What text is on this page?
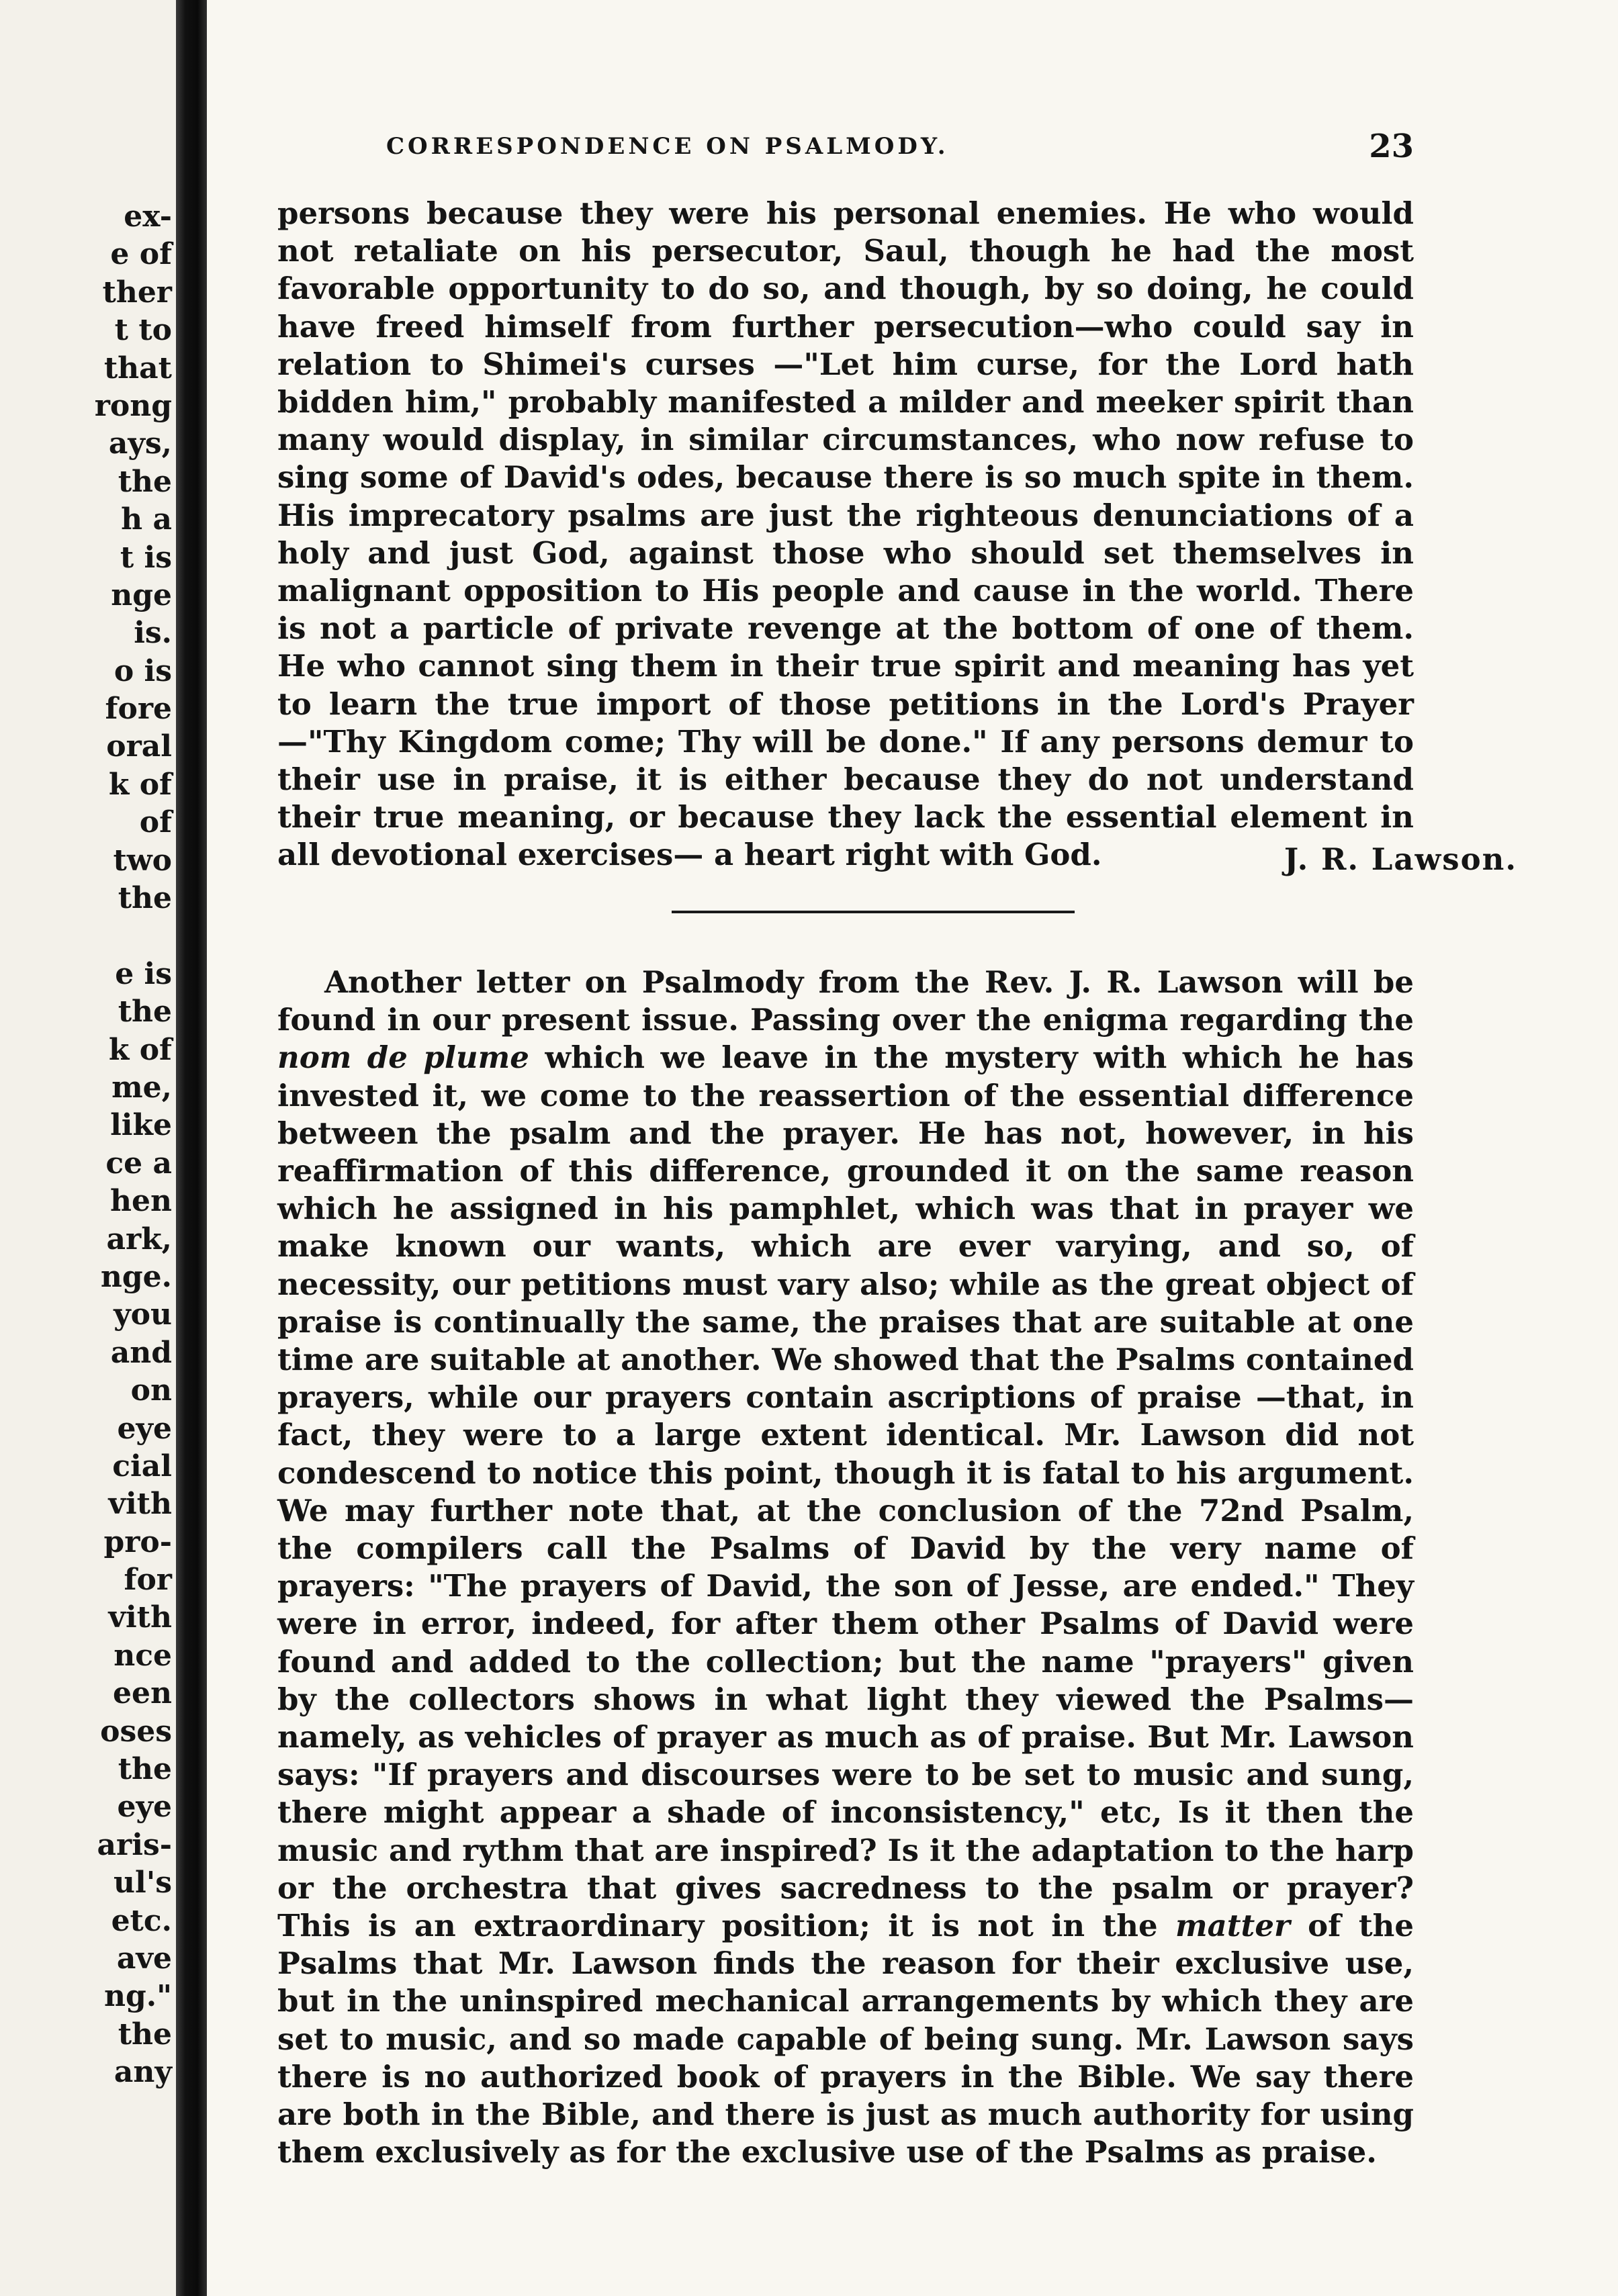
ex-
e of
ther
t to
that
rong
ays,
the
h a
t is
nge
is.
o is
fore
oral
k of
of
two
the
e is
the
k of
me,
like
ce a
hen
ark,
nge.
you
and
on
eye
cial
vith
pro-
for
vith
nce
een
oses
the
eye
aris-
ul's
etc.
ave
ng."
the
any
CORRESPONDENCE ON PSALMODY.	23

persons because they were his personal enemies. He who would not retaliate on his persecutor, Saul, though he had the most favorable opportunity to do so, and though, by so doing, he could have freed himself from further persecution—who could say in relation to Shimei's curses —"Let him curse, for the Lord hath bidden him," probably manifested a milder and meeker spirit than many would display, in similar circumstances, who now refuse to sing some of David's odes, because there is so much spite in them. His imprecatory psalms are just the righteous denunciations of a holy and just God, against those who should set themselves in malignant opposition to His people and cause in the world. There is not a particle of private revenge at the bottom of one of them. He who cannot sing them in their true spirit and meaning has yet to learn the true import of those petitions in the Lord's Prayer—"Thy Kingdom come; Thy will be done." If any persons demur to their use in praise, it is either because they do not understand their true meaning, or because they lack the essential element in all devotional exercises— a heart right with God.	J. R. Lawson.

Another letter on Psalmody from the Rev. J. R. Lawson will be found in our present issue. Passing over the enigma regarding the nom de plume which we leave in the mystery with which he has invested it, we come to the reassertion of the essential difference between the psalm and the prayer. He has not, however, in his reaffirmation of this difference, grounded it on the same reason which he assigned in his pamphlet, which was that in prayer we make known our wants, which are ever varying, and so, of necessity, our petitions must vary also; while as the great object of praise is continually the same, the praises that are suitable at one time are suitable at another. We showed that the Psalms contained prayers, while our prayers contain ascriptions of praise —that, in fact, they were to a large extent identical. Mr. Lawson did not condescend to notice this point, though it is fatal to his argument. We may further note that, at the conclusion of the 72nd Psalm, the compilers call the Psalms of David by the very name of prayers: "The prayers of David, the son of Jesse, are ended." They were in error, indeed, for after them other Psalms of David were found and added to the collection; but the name "prayers" given by the collectors shows in what light they viewed the Psalms—namely, as vehicles of prayer as much as of praise. But Mr. Lawson says: "If prayers and discourses were to be set to music and sung, there might appear a shade of inconsistency," etc, Is it then the music and rythm that are inspired? Is it the adaptation to the harp or the orchestra that gives sacredness to the psalm or prayer? This is an extraordinary position; it is not in the matter of the Psalms that Mr. Lawson finds the reason for their exclusive use, but in the uninspired mechanical arrangements by which they are set to music, and so made capable of being sung. Mr. Lawson says there is no authorized book of prayers in the Bible. We say there are both in the Bible, and there is just as much authority for using them exclusively as for the exclusive use of the Psalms as praise.
